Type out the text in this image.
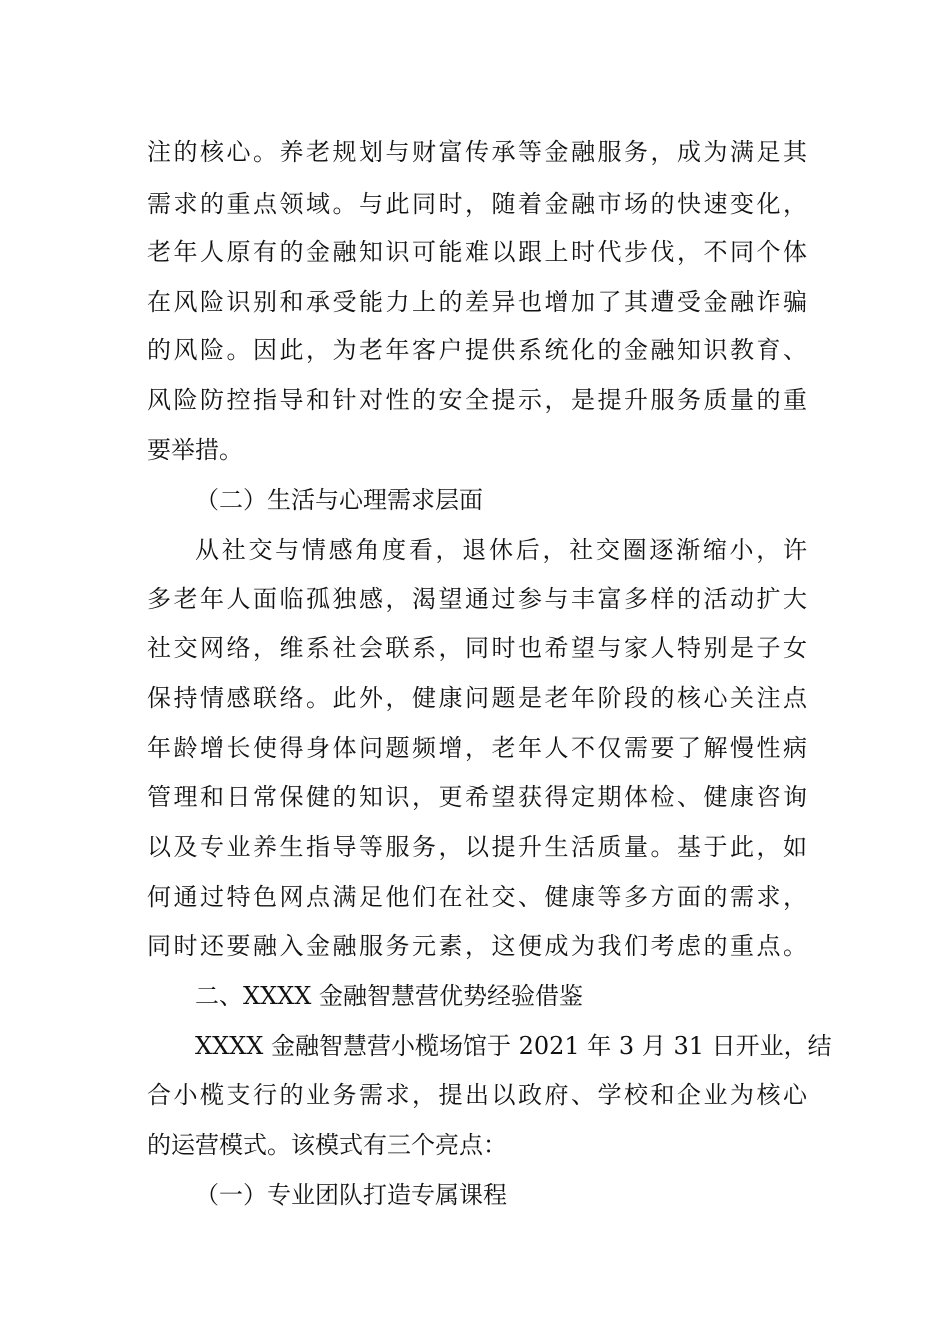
注的核心。养老规划与财富传承等金融服务，成为满足其
需求的重点领域。与此同时，随着金融市场的快速变化，
老年人原有的金融知识可能难以跟上时代步伐，不同个体
在风险识别和承受能力上的差异也增加了其遭受金融诈骗
的风险。因此，为老年客户提供系统化的金融知识教育、
风险防控指导和针对性的安全提示，是提升服务质量的重
要举措。
（二）生活与心理需求层面
从社交与情感角度看，退休后，社交圈逐渐缩小，许
多老年人面临孤独感，渴望通过参与丰富多样的活动扩大
社交网络，维系社会联系，同时也希望与家人特别是子女
保持情感联络。此外，健康问题是老年阶段的核心关注点
年龄增长使得身体问题频增，老年人不仅需要了解慢性病
管理和日常保健的知识，更希望获得定期体检、健康咨询
以及专业养生指导等服务，以提升生活质量。基于此，如
何通过特色网点满足他们在社交、健康等多方面的需求，
同时还要融入金融服务元素，这便成为我们考虑的重点。
二、XXXX 金融智慧营优势经验借鉴
XXXX 金融智慧营小榄场馆于 2021 年 3 月 31 日开业，结
合小榄支行的业务需求，提出以政府、学校和企业为核心
的运营模式。该模式有三个亮点：
（一）专业团队打造专属课程
